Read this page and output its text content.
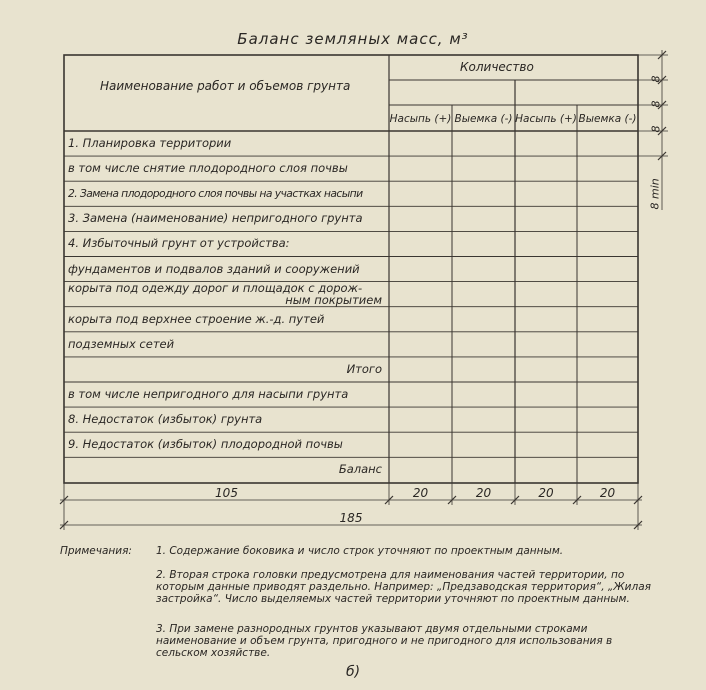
Баланс земляных масс, м³
Наименование работ и объемов грунта
Количество
Насыпь (+) Выемка (-) Насыпь (+) Выемка (-)
1. Планировка территории
в том числе снятие плодородного слоя почвы
2. Замена плодородного слоя почвы на участках насыпи
3. Замена (наименование) непригодного грунта
4. Избыточный грунт от устройства:
фундаментов и подвалов зданий и сооружений
корыта под одежду дорог и площадок с дорож-
ным покрытием
корыта под верхнее строение ж.-д. путей
подземных сетей
Итого
в том числе непригодного для насыпи грунта
8. Недостаток (избыток) грунта
9. Недостаток (избыток) плодородной почвы
Баланс
105	20	20	20	20
185
8
8
8
8 min
Примечания: 1. Содержание боковика и число строк уточняют по проектным данным.
2. Вторая строка головки предусмотрена для наименования частей территории, по которым данные приводят раздельно. Например: „Предзаводская территория“, „Жилая застройка“. Число выделяемых частей территории уточняют по проектным данным.
3. При замене разнородных грунтов указывают двумя отдельными строками наименование и объем грунта, пригодного и не пригодного для использования в сельском хозяйстве.
б)
